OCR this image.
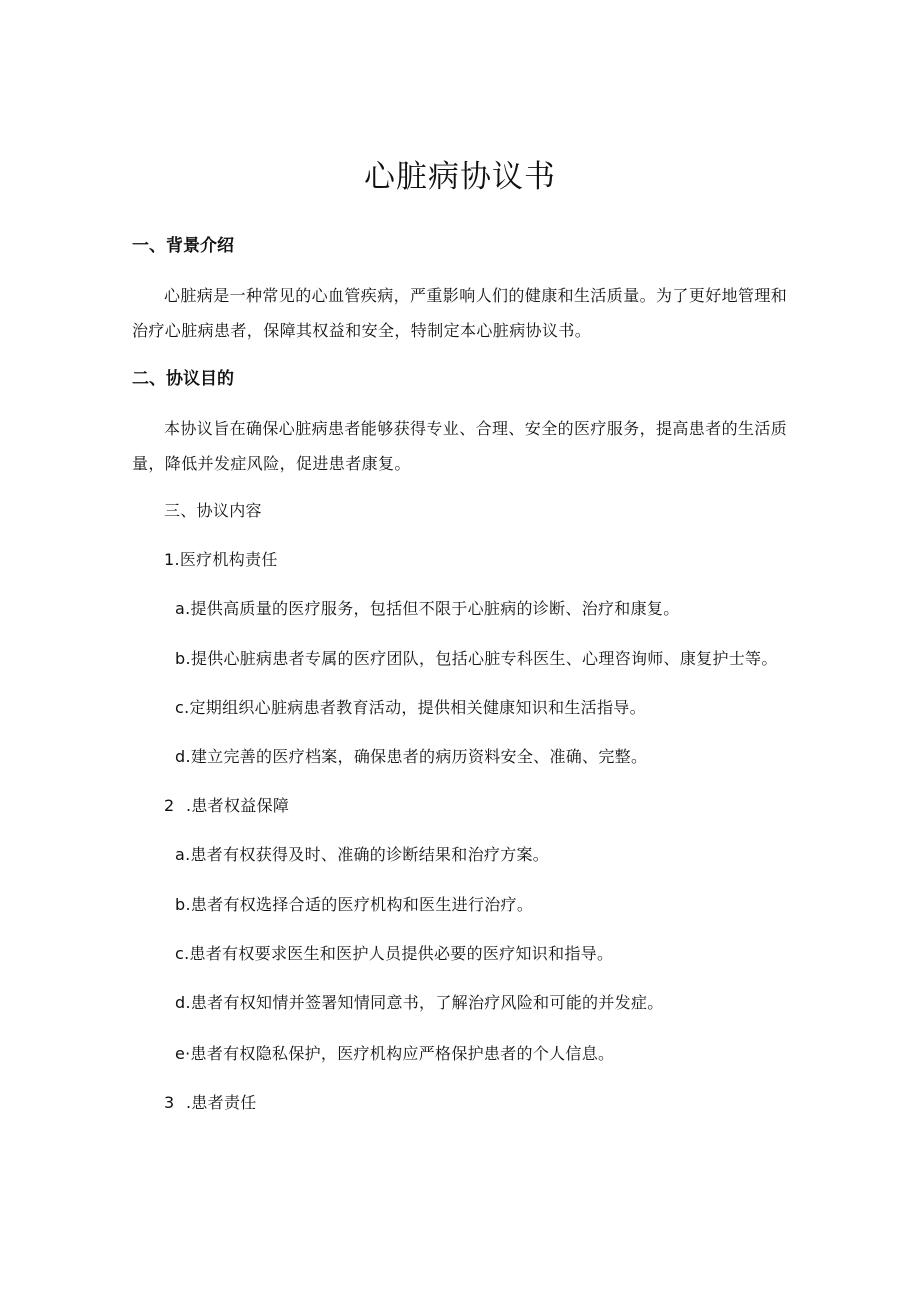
心脏病协议书
一、背景介绍

心脏病是一种常见的心血管疾病，严重影响人们的健康和生活质量。为了更好地管理和治疗心脏病患者，保障其权益和安全，特制定本心脏病协议书。

二、协议目的

本协议旨在确保心脏病患者能够获得专业、合理、安全的医疗服务，提高患者的生活质量，降低并发症风险，促进患者康复。

三、协议内容

1.医疗机构责任

a.提供高质量的医疗服务，包括但不限于心脏病的诊断、治疗和康复。

b.提供心脏病患者专属的医疗团队，包括心脏专科医生、心理咨询师、康复护士等。

c.定期组织心脏病患者教育活动，提供相关健康知识和生活指导。

d.建立完善的医疗档案，确保患者的病历资料安全、准确、完整。

2 .患者权益保障

a.患者有权获得及时、准确的诊断结果和治疗方案。

b.患者有权选择合适的医疗机构和医生进行治疗。

c.患者有权要求医生和医护人员提供必要的医疗知识和指导。

d.患者有权知情并签署知情同意书，了解治疗风险和可能的并发症。

e·患者有权隐私保护，医疗机构应严格保护患者的个人信息。

3 .患者责任
